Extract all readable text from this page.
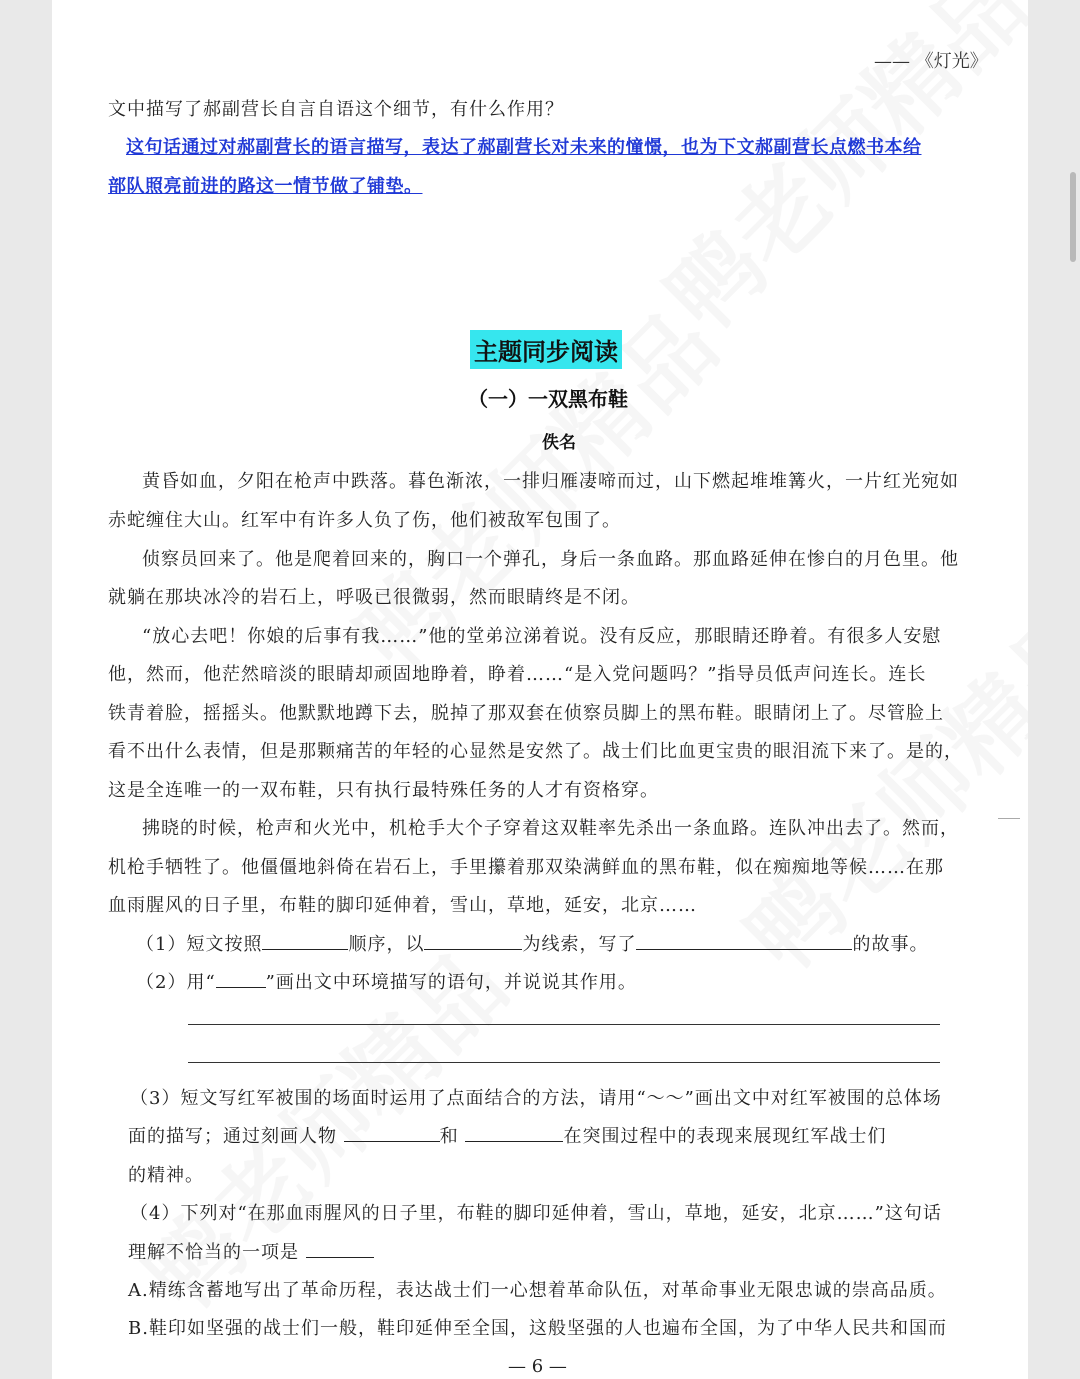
—— 《灯光》
文中描写了郝副营长自言自语这个细节，有什么作用？
这句话通过对郝副营长的语言描写，表达了郝副营长对未来的憧憬，也为下文郝副营长点燃书本给
部队照亮前进的路这一情节做了铺垫。
主题同步阅读
（一）一双黑布鞋
佚名
黄昏如血，夕阳在枪声中跌落。暮色渐浓，一排归雁凄啼而过，山下燃起堆堆篝火，一片红光宛如
赤蛇缠住大山。红军中有许多人负了伤，他们被敌军包围了。
侦察员回来了。他是爬着回来的，胸口一个弹孔，身后一条血路。那血路延伸在惨白的月色里。他
就躺在那块冰冷的岩石上，呼吸已很微弱，然而眼睛终是不闭。
“放心去吧！你娘的后事有我……”他的堂弟泣涕着说。没有反应，那眼睛还睁着。有很多人安慰
他，然而，他茫然暗淡的眼睛却顽固地睁着，睁着……“是入党问题吗？”指导员低声问连长。连长
铁青着脸，摇摇头。他默默地蹲下去，脱掉了那双套在侦察员脚上的黑布鞋。眼睛闭上了。尽管脸上
看不出什么表情，但是那颗痛苦的年轻的心显然是安然了。战士们比血更宝贵的眼泪流下来了。是的，
这是全连唯一的一双布鞋，只有执行最特殊任务的人才有资格穿。
拂晓的时候，枪声和火光中，机枪手大个子穿着这双鞋率先杀出一条血路。连队冲出去了。然而，
机枪手牺牲了。他僵僵地斜倚在岩石上，手里攥着那双染满鲜血的黑布鞋，似在痴痴地等候……在那
血雨腥风的日子里，布鞋的脚印延伸着，雪山，草地，延安，北京……
（1）短文按照	顺序，以	为线索，写了	的故事。
（2）用“	”画出文中环境描写的语句，并说说其作用。
（3）短文写红军被围的场面时运用了点面结合的方法，请用“～～”画出文中对红军被围的总体场
面的描写；通过刻画人物	和	在突围过程中的表现来展现红军战士们
的精神。
（4）下列对“在那血雨腥风的日子里，布鞋的脚印延伸着，雪山，草地，延安，北京……”这句话
理解不恰当的一项是
A.精练含蓄地写出了革命历程，表达战士们一心想着革命队伍，对革命事业无限忠诚的崇高品质。
B.鞋印如坚强的战士们一般，鞋印延伸至全国，这般坚强的人也遍布全国，为了中华人民共和国而
— 6 —
